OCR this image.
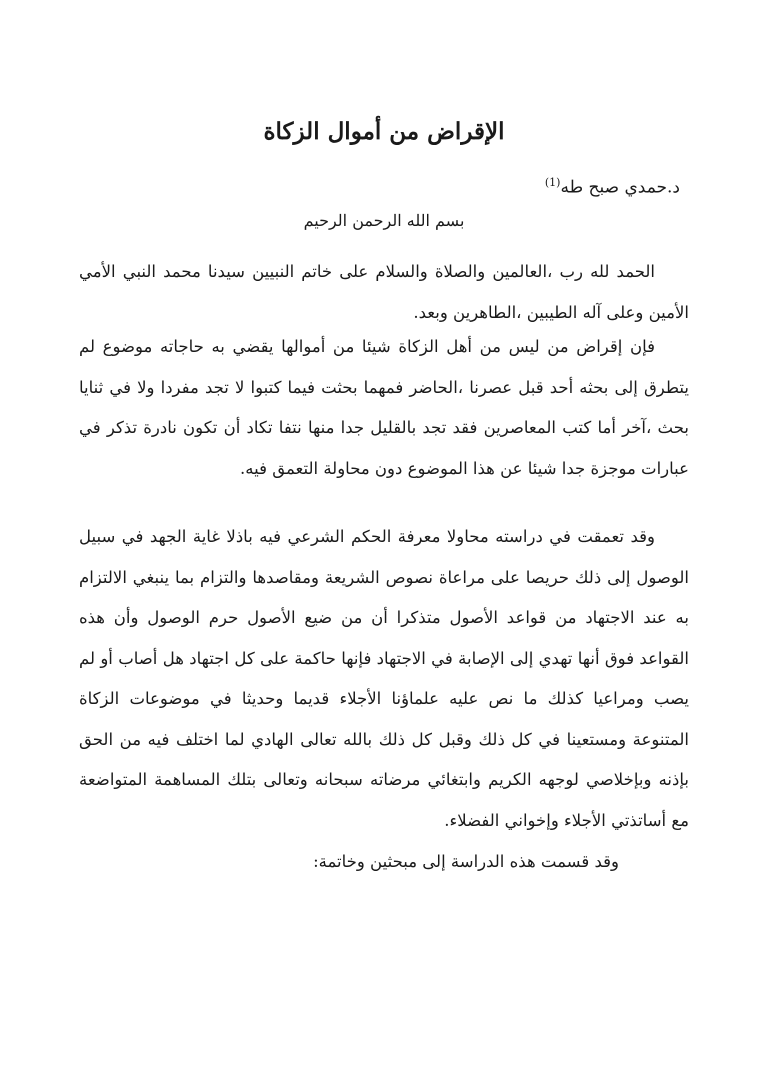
الإقراض من أموال الزكاة
د.حمدي صبح طه$^{(1)}$
بسم الله الرحمن الرحيم

الحمد لله رب ،العالمين والصلاة والسلام على خاتم النبيين سيدنا محمد النبي الأمي الأمين وعلى آله الطيبين ،الطاهرين وبعد.

فإن إقراض من ليس من أهل الزكاة شيئا من أموالها يقضي به حاجاته موضوع لم يتطرق إلى بحثه أحد قبل عصرنا ،الحاضر فمهما بحثت فيما كتبوا لا تجد مفردا ولا في ثنايا بحث ،آخر أما كتب المعاصرين فقد تجد بالقليل جدا منها نتفا تكاد أن تكون نادرة تذكر في عبارات موجزة جدا شيئا عن هذا الموضوع دون محاولة التعمق فيه.

وقد تعمقت في دراسته محاولا معرفة الحكم الشرعي فيه باذلا غاية الجهد في سبيل الوصول إلى ذلك حريصا على مراعاة نصوص الشريعة ومقاصدها والتزام بما ينبغي الالتزام به عند الاجتهاد من قواعد الأصول متذكرا أن من ضيع الأصول حرم الوصول وأن هذه القواعد فوق أنها تهدي إلى الإصابة في الاجتهاد فإنها حاكمة على كل اجتهاد هل أصاب أو لم يصب ومراعيا كذلك ما نص عليه علماؤنا الأجلاء قديما وحديثا في موضوعات الزكاة المتنوعة ومستعينا في كل ذلك وقبل كل ذلك بالله تعالى الهادي لما اختلف فيه من الحق بإذنه وبإخلاصي لوجهه الكريم وابتغائي مرضاته سبحانه وتعالى بتلك المساهمة المتواضعة مع أساتذتي الأجلاء وإخواني الفضلاء.

وقد قسمت هذه الدراسة إلى مبحثين وخاتمة:
